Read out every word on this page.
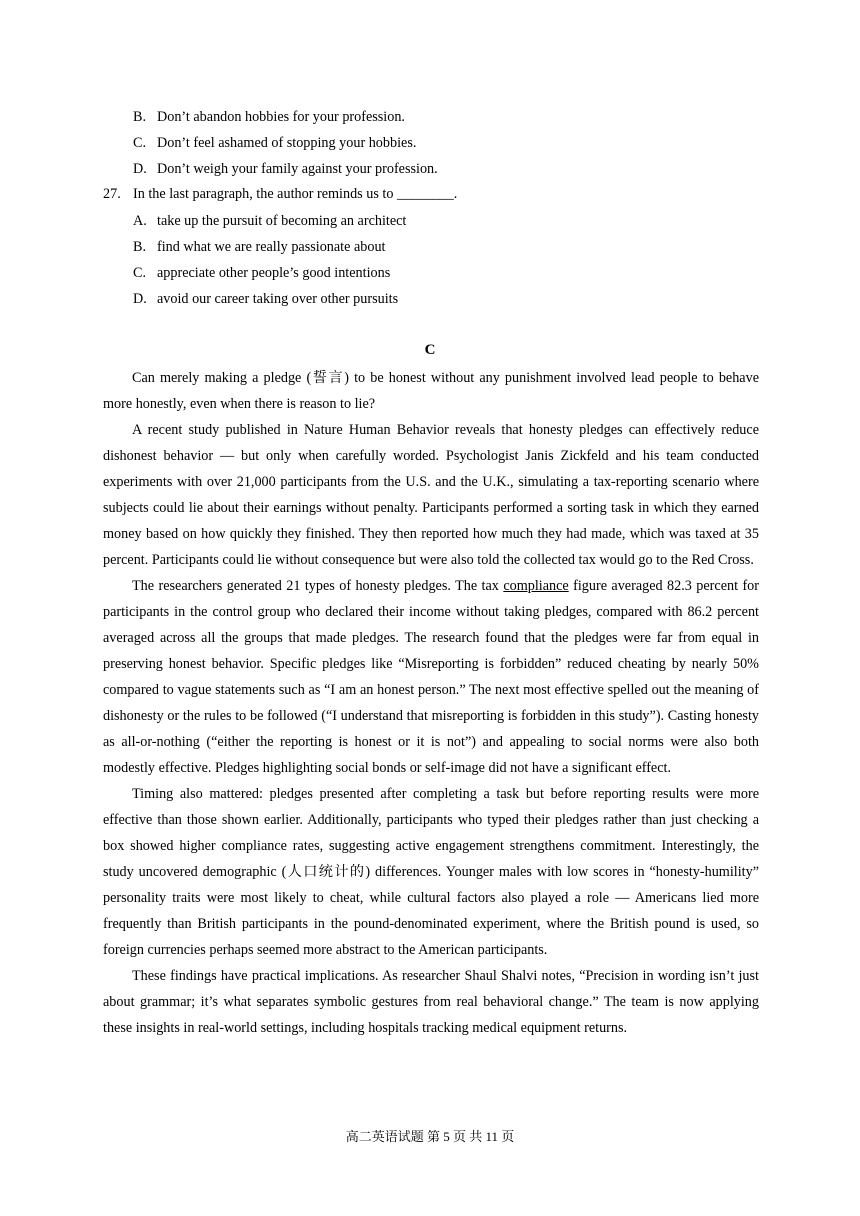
B. Don’t abandon hobbies for your profession.
C. Don’t feel ashamed of stopping your hobbies.
D. Don’t weigh your family against your profession.
27. In the last paragraph, the author reminds us to ________.
A. take up the pursuit of becoming an architect
B. find what we are really passionate about
C. appreciate other people’s good intentions
D. avoid our career taking over other pursuits
C

Can merely making a pledge (誓言) to be honest without any punishment involved lead people to behave more honestly, even when there is reason to lie?

A recent study published in Nature Human Behavior reveals that honesty pledges can effectively reduce dishonest behavior — but only when carefully worded. Psychologist Janis Zickfeld and his team conducted experiments with over 21,000 participants from the U.S. and the U.K., simulating a tax-reporting scenario where subjects could lie about their earnings without penalty. Participants performed a sorting task in which they earned money based on how quickly they finished. They then reported how much they had made, which was taxed at 35 percent. Participants could lie without consequence but were also told the collected tax would go to the Red Cross.

The researchers generated 21 types of honesty pledges. The tax compliance figure averaged 82.3 percent for participants in the control group who declared their income without taking pledges, compared with 86.2 percent averaged across all the groups that made pledges. The research found that the pledges were far from equal in preserving honest behavior. Specific pledges like “Misreporting is forbidden” reduced cheating by nearly 50% compared to vague statements such as “I am an honest person.” The next most effective spelled out the meaning of dishonesty or the rules to be followed (“I understand that misreporting is forbidden in this study”). Casting honesty as all-or-nothing (“either the reporting is honest or it is not”) and appealing to social norms were also both modestly effective. Pledges highlighting social bonds or self-image did not have a significant effect.

Timing also mattered: pledges presented after completing a task but before reporting results were more effective than those shown earlier. Additionally, participants who typed their pledges rather than just checking a box showed higher compliance rates, suggesting active engagement strengthens commitment. Interestingly, the study uncovered demographic (人口统计的) differences. Younger males with low scores in “honesty-humility” personality traits were most likely to cheat, while cultural factors also played a role — Americans lied more frequently than British participants in the pound-denominated experiment, where the British pound is used, so foreign currencies perhaps seemed more abstract to the American participants.

These findings have practical implications. As researcher Shaul Shalvi notes, “Precision in wording isn’t just about grammar; it’s what separates symbolic gestures from real behavioral change.” The team is now applying these insights in real-world settings, including hospitals tracking medical equipment returns.

高二英语试题 第 5 页 共 11 页
